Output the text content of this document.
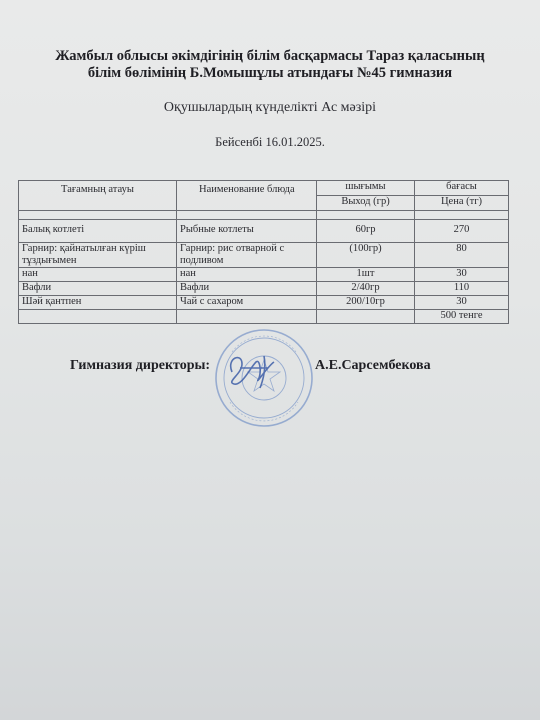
Жамбыл облысы әкімдігінің білім басқармасы Тараз қаласының
білім бөлімінің Б.Момышұлы атындағы №45 гимназия
Оқушылардың күнделікті Ас мәзірі
Бейсенбі 16.01.2025.
Тағамның атауы	Наименование блюда	шығымы	бағасы
		Выход (гр)	Цена (тг)

Балық котлеті	Рыбные котлеты	60гр	270
Гарнир: қайнатылған күріш тұздығымен	Гарнир: рис отварной с подливом	(100гр)	80
нан	нан	1шт	30
Вафли	Вафли	2/40гр	110
Шәй қантпен	Чай с сахаром	200/10гр	30
			500 тенге
Гимназия директоры:	А.Е.Сарсембекова
